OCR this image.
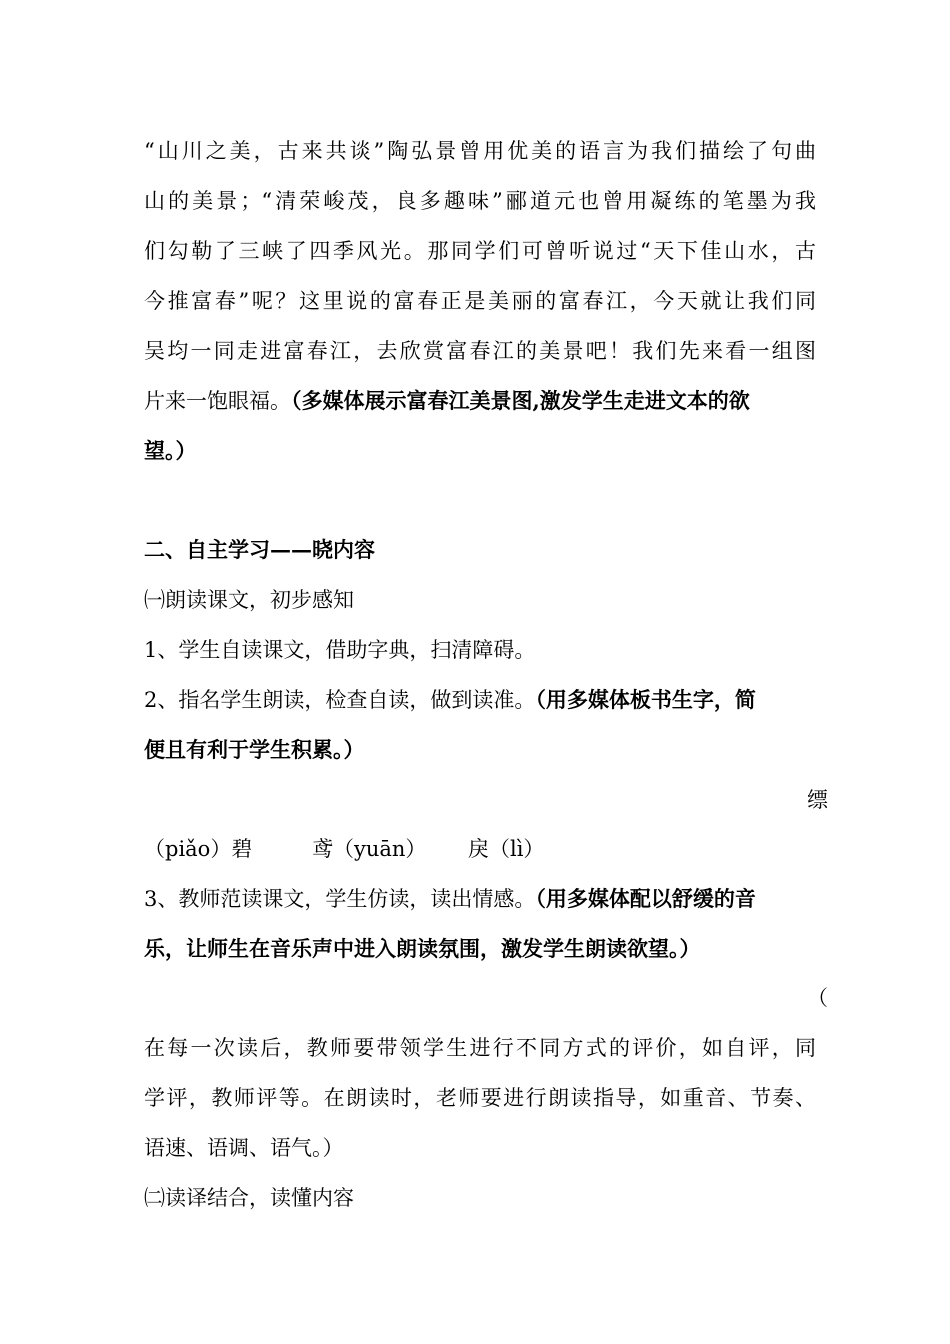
“山川之美，古来共谈”陶弘景曾用优美的语言为我们描绘了句曲
山的美景；“清荣峻茂，良多趣味”郦道元也曾用凝练的笔墨为我
们勾勒了三峡了四季风光。那同学们可曾听说过“天下佳山水，古
今推富春”呢？这里说的富春正是美丽的富春江，今天就让我们同
吴均一同走进富春江，去欣赏富春江的美景吧！我们先来看一组图
片来一饱眼福。（多媒体展示富春江美景图,激发学生走进文本的欲
望。）
二、自主学习——晓内容
㈠朗读课文，初步感知
1、学生自读课文，借助字典，扫清障碍。
2、指名学生朗读，检查自读，做到读准。（用多媒体板书生字，简
便且有利于学生积累。）
缥
（piǎo）碧	鸢（yuān） 戾（lì）
3、教师范读课文，学生仿读，读出情感。（用多媒体配以舒缓的音
乐，让师生在音乐声中进入朗读氛围，激发学生朗读欲望。）
（
在每一次读后，教师要带领学生进行不同方式的评价，如自评，同
学评，教师评等。在朗读时，老师要进行朗读指导，如重音、节奏、
语速、语调、语气。）
㈡读译结合，读懂内容
